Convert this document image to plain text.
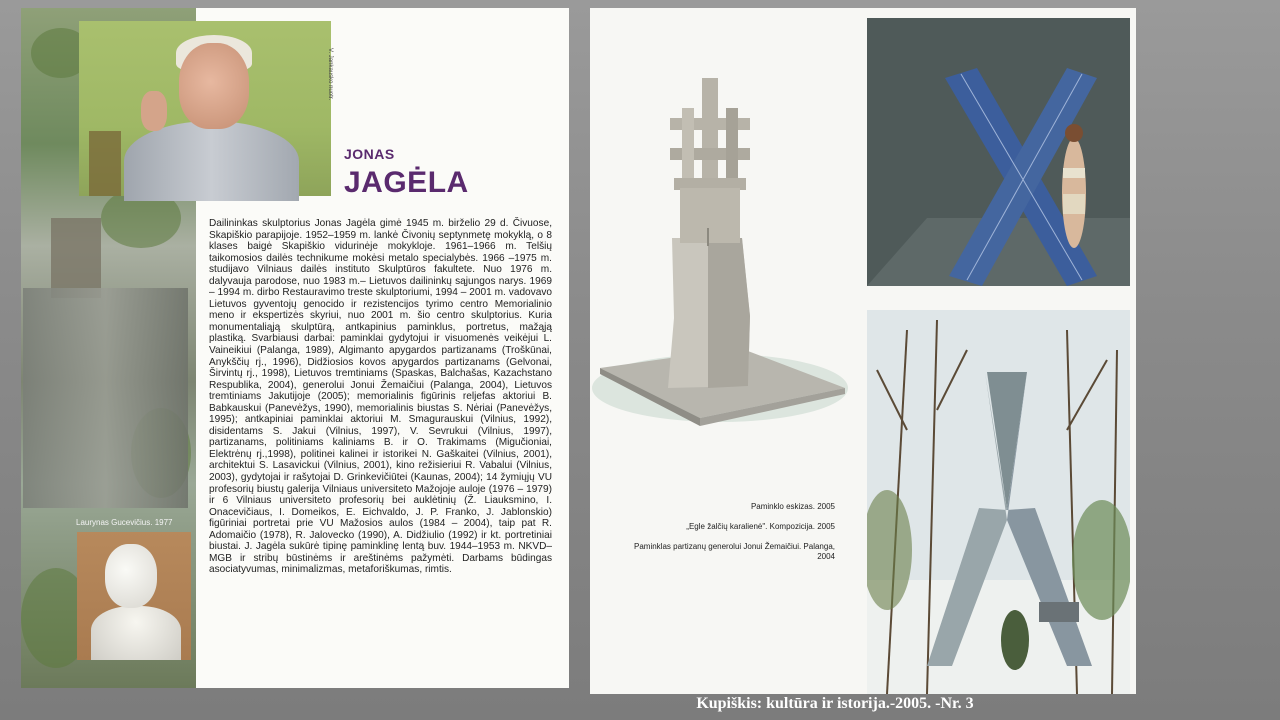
V. Jankausko nuotr.
JONAS
JAGĖLA
Dailininkas skulptorius Jonas Jagėla gimė 1945 m. birželio 29 d. Čivuose, Skapiškio parapijoje. 1952–1959 m. lankė Čivonių septynmetę mokyklą, o 8 klases baigė Skapiškio vidurinėje mokykloje. 1961–1966 m. Telšių taikomosios dailės technikume mokėsi metalo specialybės. 1966 –1975 m. studijavo Vilniaus dailės instituto Skulptūros fakultete. Nuo 1976 m. dalyvauja parodose, nuo 1983 m.– Lietuvos dailininkų sąjungos narys. 1969 – 1994 m. dirbo Restauravimo treste skulptoriumi, 1994 – 2001 m. vadovavo Lietuvos gyventojų genocido ir rezistencijos tyrimo centro Memorialinio meno ir ekspertizės skyriui, nuo 2001 m. šio centro skulptorius. Kuria monumentaliąją skulptūrą, antkapinius paminklus, portretus, mažąją plastiką. Svarbiausi darbai: paminklai gydytojui ir visuomenės veikėjui L. Vaineikiui (Palanga, 1989), Algimanto apygardos partizanams (Troškūnai, Anykščių rj., 1996), Didžiosios kovos apygardos partizanams (Gelvonai, Širvintų rj., 1998), Lietuvos tremtiniams (Spaskas, Balchašas, Kazachstano Respublika, 2004), generolui Jonui Žemaičiui (Palanga, 2004), Lietuvos tremtiniams Jakutijoje (2005); memorialinis figūrinis reljefas aktoriui B. Babkauskui (Panevėžys, 1990), memorialinis biustas S. Nėriai (Panevėžys, 1995); antkapiniai paminklai aktoriui M. Smagurauskui (Vilnius, 1992), disidentams S. Jakui (Vilnius, 1997), V. Sevrukui (Vilnius, 1997), partizanams, politiniams kaliniams B. ir O. Trakimams (Migučioniai, Elektrėnų rj.,1998), politinei kalinei ir istorikei N. Gaškaitei (Vilnius, 2001), architektui S. Lasavickui (Vilnius, 2001), kino režisieriui R. Vabalui (Vilnius, 2003), gydytojai ir rašytojai D. Grinkevičiūtei (Kaunas, 2004); 14 žymiųjų VU profesorių biustų galerija Vilniaus universiteto Mažojoje auloje (1976 – 1979) ir 6 Vilniaus universiteto profesorių bei auklėtinių (Ž. Liauksmino, I. Onacevičiaus, I. Domeikos, E. Eichvaldo, J. P. Franko, J. Jablonskio) figūriniai portretai prie VU Mažosios aulos (1984 – 2004), taip pat R. Adomaičio (1978), R. Jalovecko (1990), A. Didžiulio (1992) ir kt. portretiniai biustai. J. Jagėla sukūrė tipinę paminklinę lentą buv. 1944–1953 m. NKVD–MGB ir stribų būstinėms ir areštinėms pažymėti. Darbams būdingas asociatyvumas, minimalizmas, metaforiškumas, rimtis.
Laurynas Gucevičius. 1977
Paminklo eskizas. 2005
„Egle žalčių karalienė". Kompozicija. 2005
Paminklas partizanų generolui Jonui Žemaičiui. Palanga, 2004
Kupiškis: kultūra ir istorija.-2005. -Nr. 3
